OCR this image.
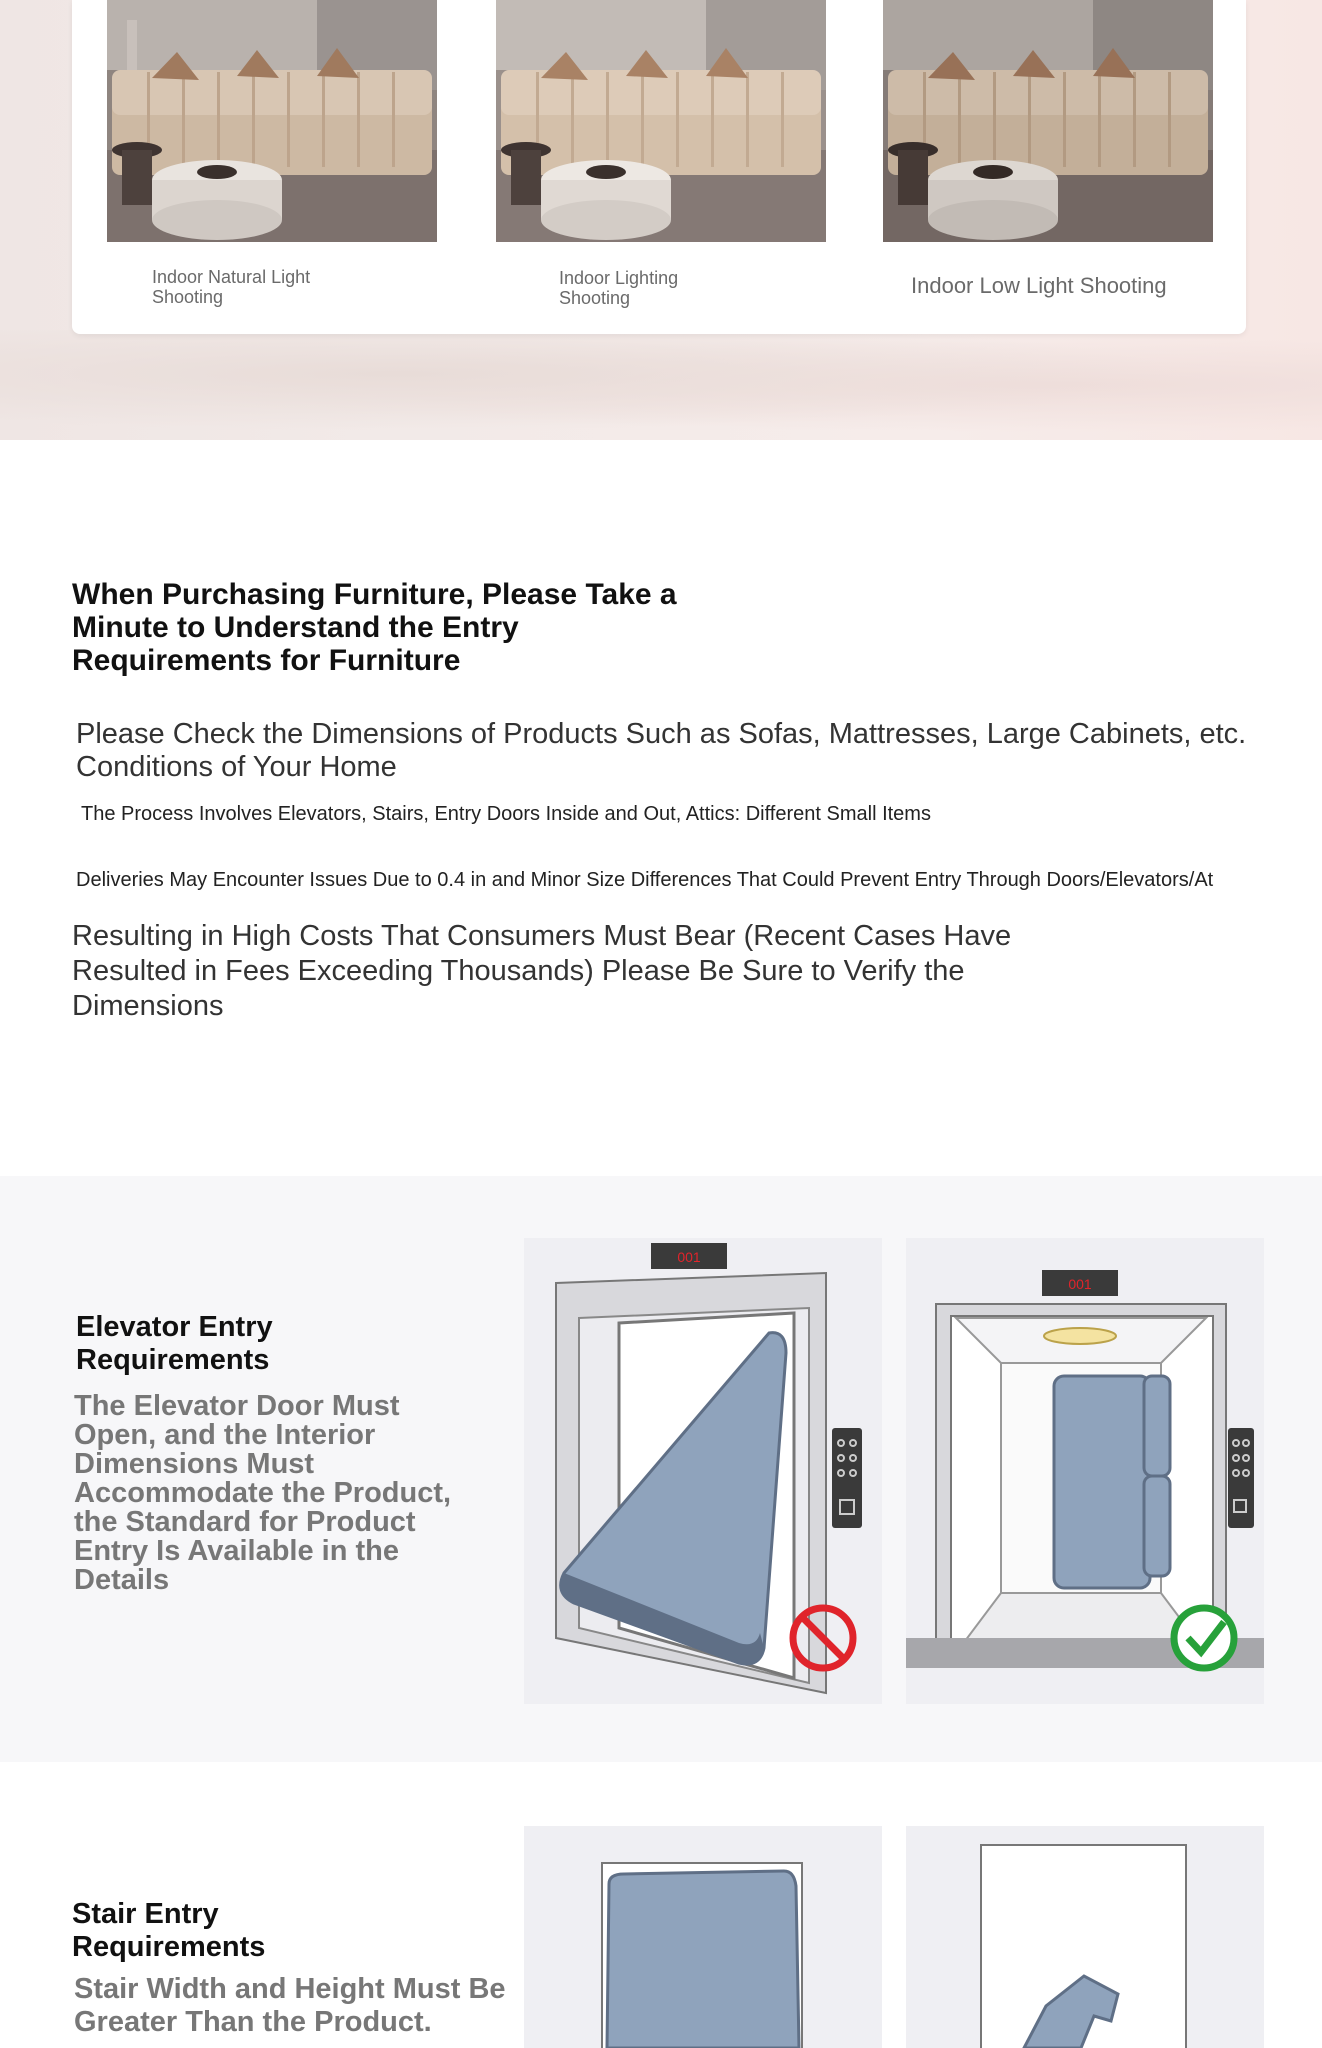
Indoor Natural Light Shooting
Indoor Lighting Shooting	Indoor Low Light Shooting
When Purchasing Furniture, Please Take a Minute to Understand the Entry Requirements for Furniture
Please Check the Dimensions of Products Such as Sofas, Mattresses, Large Cabinets, etc. Conditions of Your Home
The Process Involves Elevators, Stairs, Entry Doors Inside and Out, Attics: Different Small Items
Deliveries May Encounter Issues Due to 0.4 in and Minor Size Differences That Could Prevent Entry Through Doors/Elevators/At
Resulting in High Costs That Consumers Must Bear (Recent Cases Have Resulted in Fees Exceeding Thousands) Please Be Sure to Verify the Dimensions
Elevator Entry Requirements
The Elevator Door Must Open, and the Interior Dimensions Must Accommodate the Product, the Standard for Product Entry Is Available in the Details
001
001
Stair Entry Requirements
Stair Width and Height Must Be Greater Than the Product.
